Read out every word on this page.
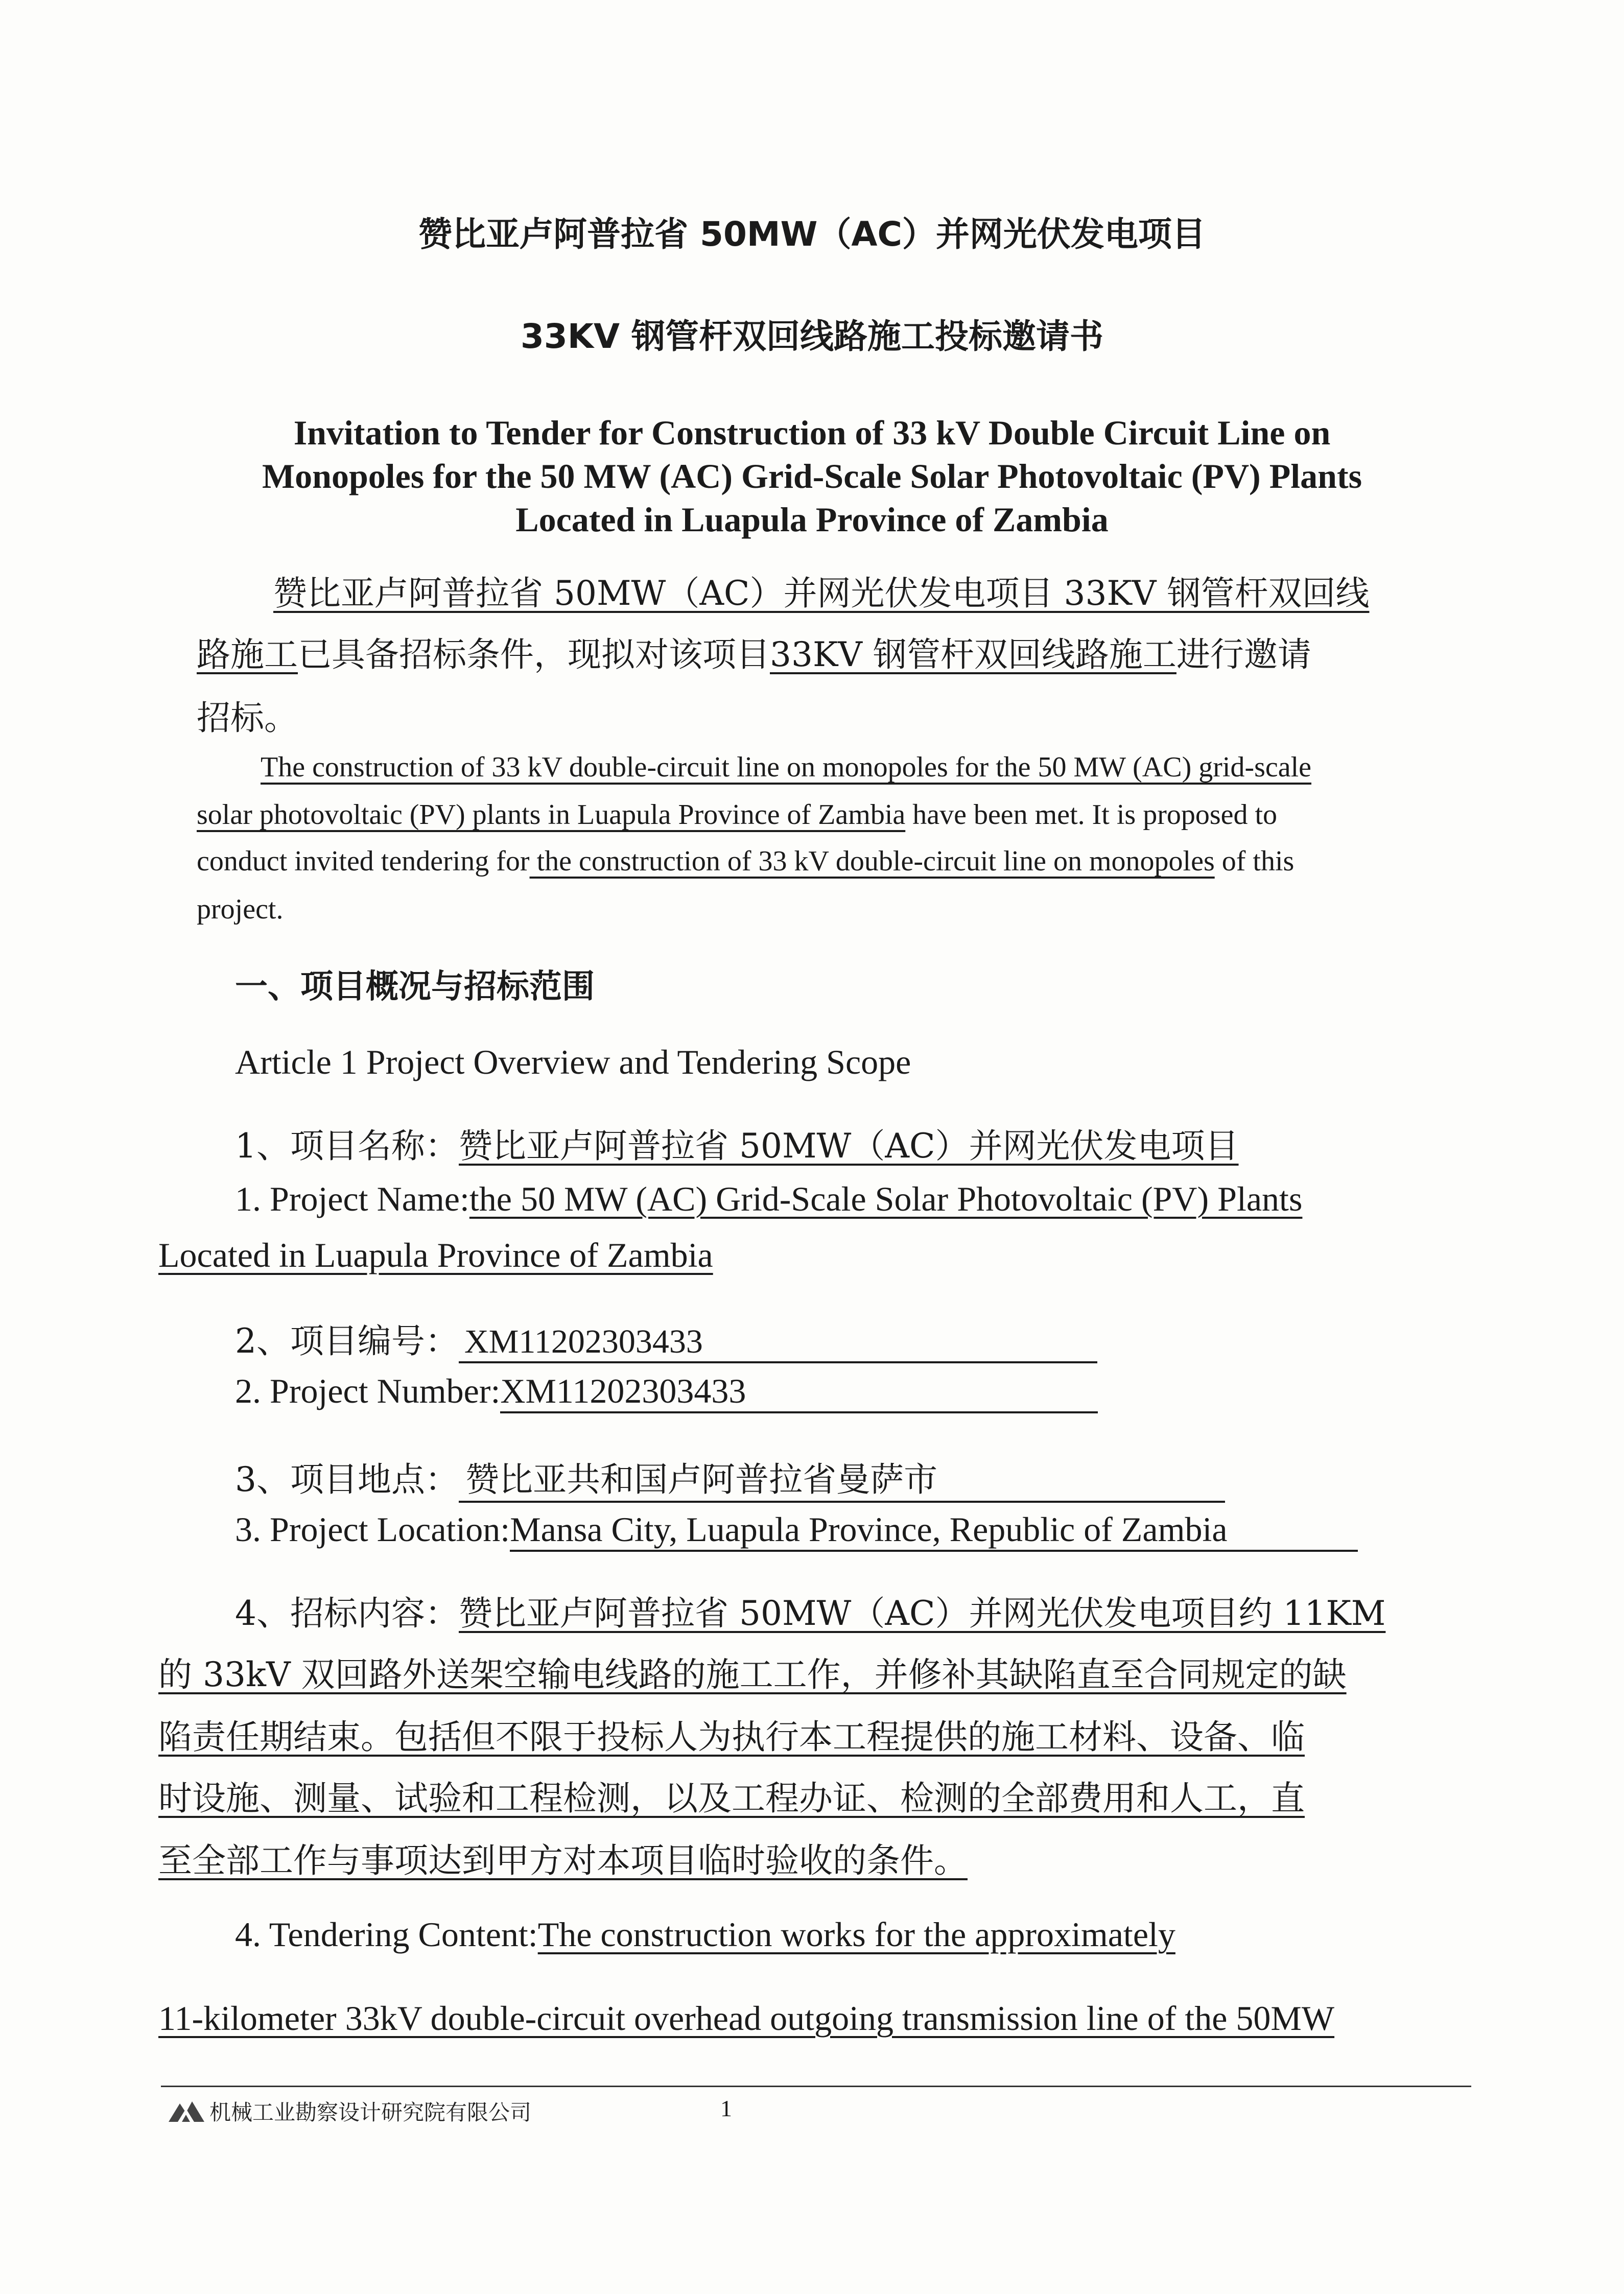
赞比亚卢阿普拉省 50MW（AC）并网光伏发电项目
33KV 钢管杆双回线路施工投标邀请书
Invitation to Tender for Construction of 33 kV Double Circuit Line on
Monopoles for the 50 MW (AC) Grid-Scale Solar Photovoltaic (PV) Plants
Located in Luapula Province of Zambia
赞比亚卢阿普拉省 50MW（AC）并网光伏发电项目 33KV 钢管杆双回线
路施工已具备招标条件，现拟对该项目33KV 钢管杆双回线路施工进行邀请
招标。
The construction of 33 kV double-circuit line on monopoles for the 50 MW (AC) grid-scale
solar photovoltaic (PV) plants in Luapula Province of Zambia have been met. It is proposed to
conduct invited tendering for the construction of 33 kV double-circuit line on monopoles of this
project.
一、项目概况与招标范围
Article 1 Project Overview and Tendering Scope
1、项目名称：赞比亚卢阿普拉省 50MW（AC）并网光伏发电项目
1. Project Name:the 50 MW (AC) Grid-Scale Solar Photovoltaic (PV) Plants
Located in Luapula Province of Zambia
2、项目编号：   XM11202303433
2. Project Number:XM11202303433
3、项目地点：   赞比亚共和国卢阿普拉省曼萨市
3. Project Location:Mansa City, Luapula Province, Republic of Zambia
4、招标内容：赞比亚卢阿普拉省 50MW（AC）并网光伏发电项目约 11KM
的 33kV 双回路外送架空输电线路的施工工作，并修补其缺陷直至合同规定的缺
陷责任期结束。包括但不限于投标人为执行本工程提供的施工材料、设备、临
时设施、测量、试验和工程检测，以及工程办证、检测的全部费用和人工，直
至全部工作与事项达到甲方对本项目临时验收的条件。
4. Tendering Content:The construction works for the approximately
11-kilometer 33kV double-circuit overhead outgoing transmission line of the 50MW
机械工业勘察设计研究院有限公司	1
